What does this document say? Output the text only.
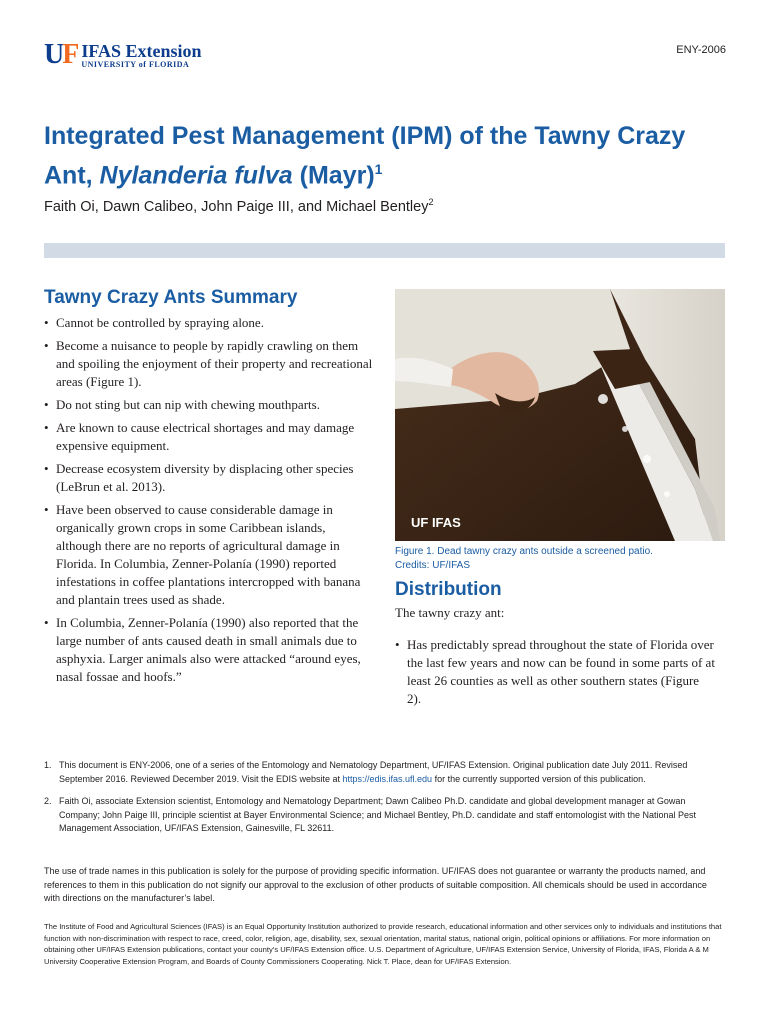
UF IFAS Extension
UNIVERSITY of FLORIDA
ENY-2006
Integrated Pest Management (IPM) of the Tawny Crazy
Ant, Nylanderia fulva (Mayr)$^1$
Faith Oi, Dawn Calibeo, John Paige III, and Michael Bentley$^2$
Tawny Crazy Ants Summary
• Cannot be controlled by spraying alone.
• Become a nuisance to people by rapidly crawling on them and spoiling the enjoyment of their property and recreational areas (Figure 1).
• Do not sting but can nip with chewing mouthparts.
• Are known to cause electrical shortages and may damage expensive equipment.
• Decrease ecosystem diversity by displacing other species (LeBrun et al. 2013).
• Have been observed to cause considerable damage in organically grown crops in some Caribbean islands, although there are no reports of agricultural damage in Florida. In Columbia, Zenner-Polanía (1990) reported infestations in coffee plantations intercropped with banana and plantain trees used as shade.
• In Columbia, Zenner-Polanía (1990) also reported that the large number of ants caused death in small animals due to asphyxia. Larger animals also were attacked “around eyes, nasal fossae and hoofs.”
UF IFAS
Figure 1. Dead tawny crazy ants outside a screened patio.
Credits: UF/IFAS
Distribution
The tawny crazy ant:
• Has predictably spread throughout the state of Florida over the last few years and now can be found in some parts of at least 26 counties as well as other southern states (Figure 2).
1. This document is ENY-2006, one of a series of the Entomology and Nematology Department, UF/IFAS Extension. Original publication date July 2011. Revised September 2016. Reviewed December 2019. Visit the EDIS website at https://edis.ifas.ufl.edu for the currently supported version of this publication.
2. Faith Oi, associate Extension scientist, Entomology and Nematology Department; Dawn Calibeo Ph.D. candidate and global development manager at Gowan Company; John Paige III, principle scientist at Bayer Environmental Science; and Michael Bentley, Ph.D. candidate and staff entomologist with the National Pest Management Association, UF/IFAS Extension, Gainesville, FL 32611.
The use of trade names in this publication is solely for the purpose of providing specific information. UF/IFAS does not guarantee or warranty the products named, and references to them in this publication do not signify our approval to the exclusion of other products of suitable composition. All chemicals should be used in accordance with directions on the manufacturer’s label.
The Institute of Food and Agricultural Sciences (IFAS) is an Equal Opportunity Institution authorized to provide research, educational information and other services only to individuals and institutions that function with non-discrimination with respect to race, creed, color, religion, age, disability, sex, sexual orientation, marital status, national origin, political opinions or affiliations. For more information on obtaining other UF/IFAS Extension publications, contact your county’s UF/IFAS Extension office. U.S. Department of Agriculture, UF/IFAS Extension Service, University of Florida, IFAS, Florida A & M University Cooperative Extension Program, and Boards of County Commissioners Cooperating. Nick T. Place, dean for UF/IFAS Extension.
